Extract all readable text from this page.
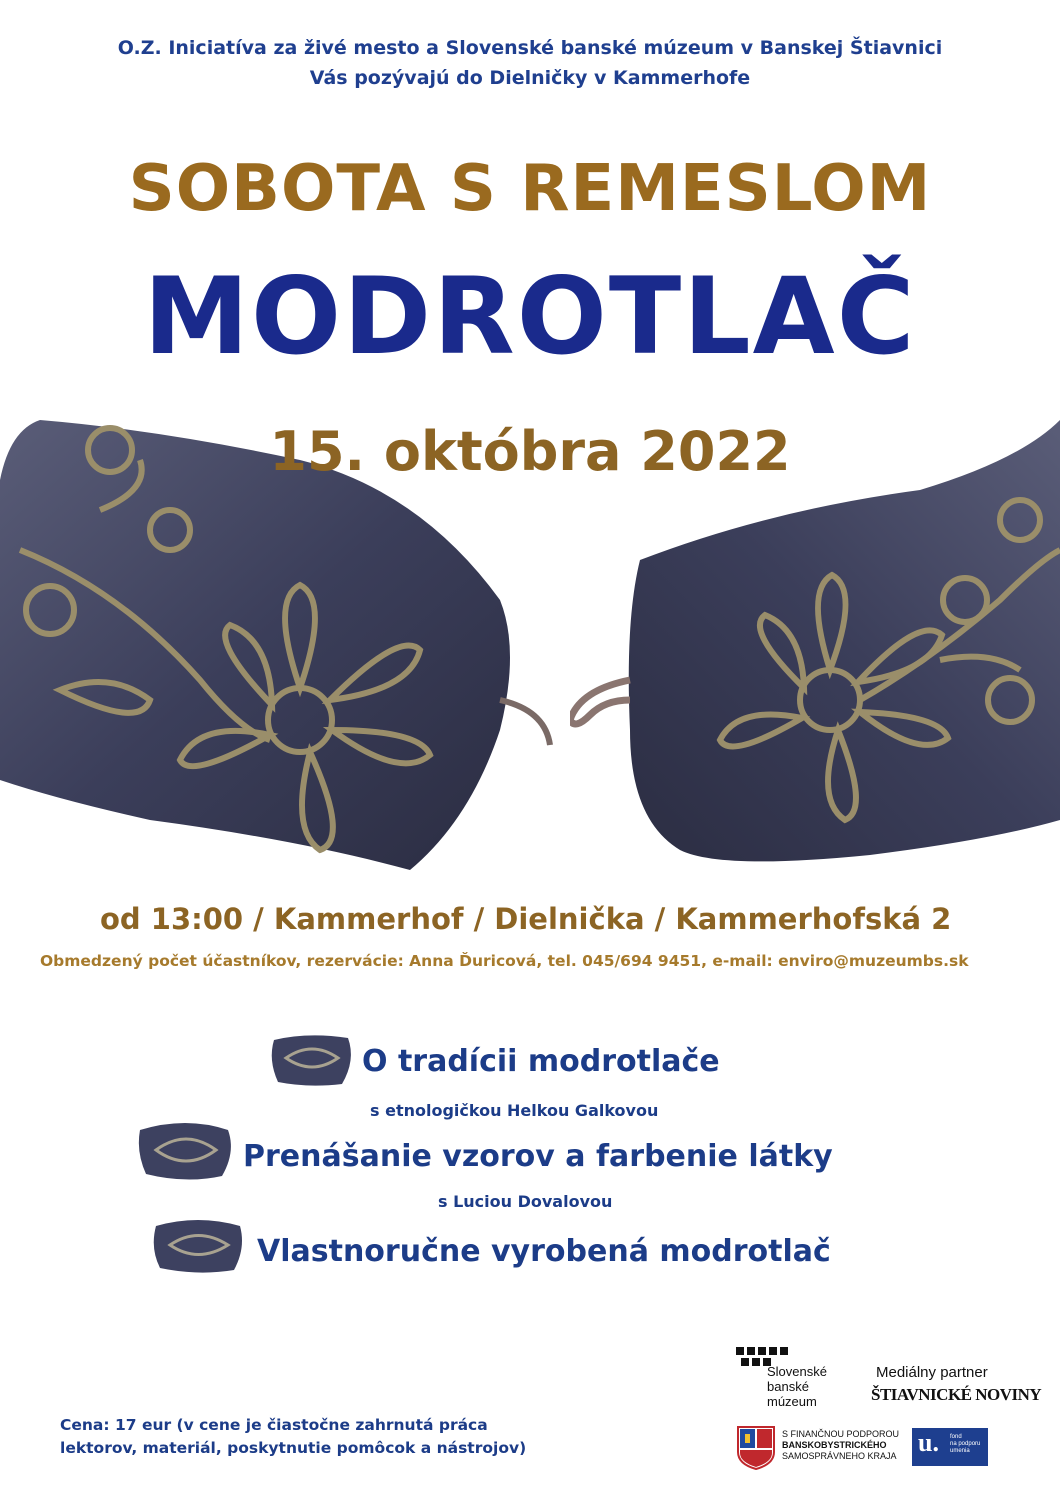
O.Z. Iniciatíva za živé mesto a Slovenské banské múzeum v Banskej Štiavnici
Vás pozývajú do Dielničky v Kammerhofe
SOBOTA S REMESLOM
MODROTLAČ
15. októbra 2022
od 13:00 / Kammerhof / Dielnička / Kammerhofská 2
Obmedzený počet účastníkov, rezervácie: Anna Ďuricová, tel. 045/694 9451, e-mail: enviro@muzeumbs.sk
O tradícii modrotlače
s etnologičkou Helkou Galkovou
Prenášanie vzorov a farbenie látky
s Luciou Dovalovou
Vlastnoručne vyrobená modrotlač
Cena: 17 eur (v cene je čiastočne zahrnutá práca
lektorov, materiál, poskytnutie pomôcok a nástrojov)
Slovenské
banské
múzeum
Mediálny partner
ŠTIAVNICKÉ NOVINY
S FINANČNOU PODPOROU
BANSKOBYSTRICKÉHO
SAMOSPRÁVNEHO KRAJA u. fond
na podporu
umenia
